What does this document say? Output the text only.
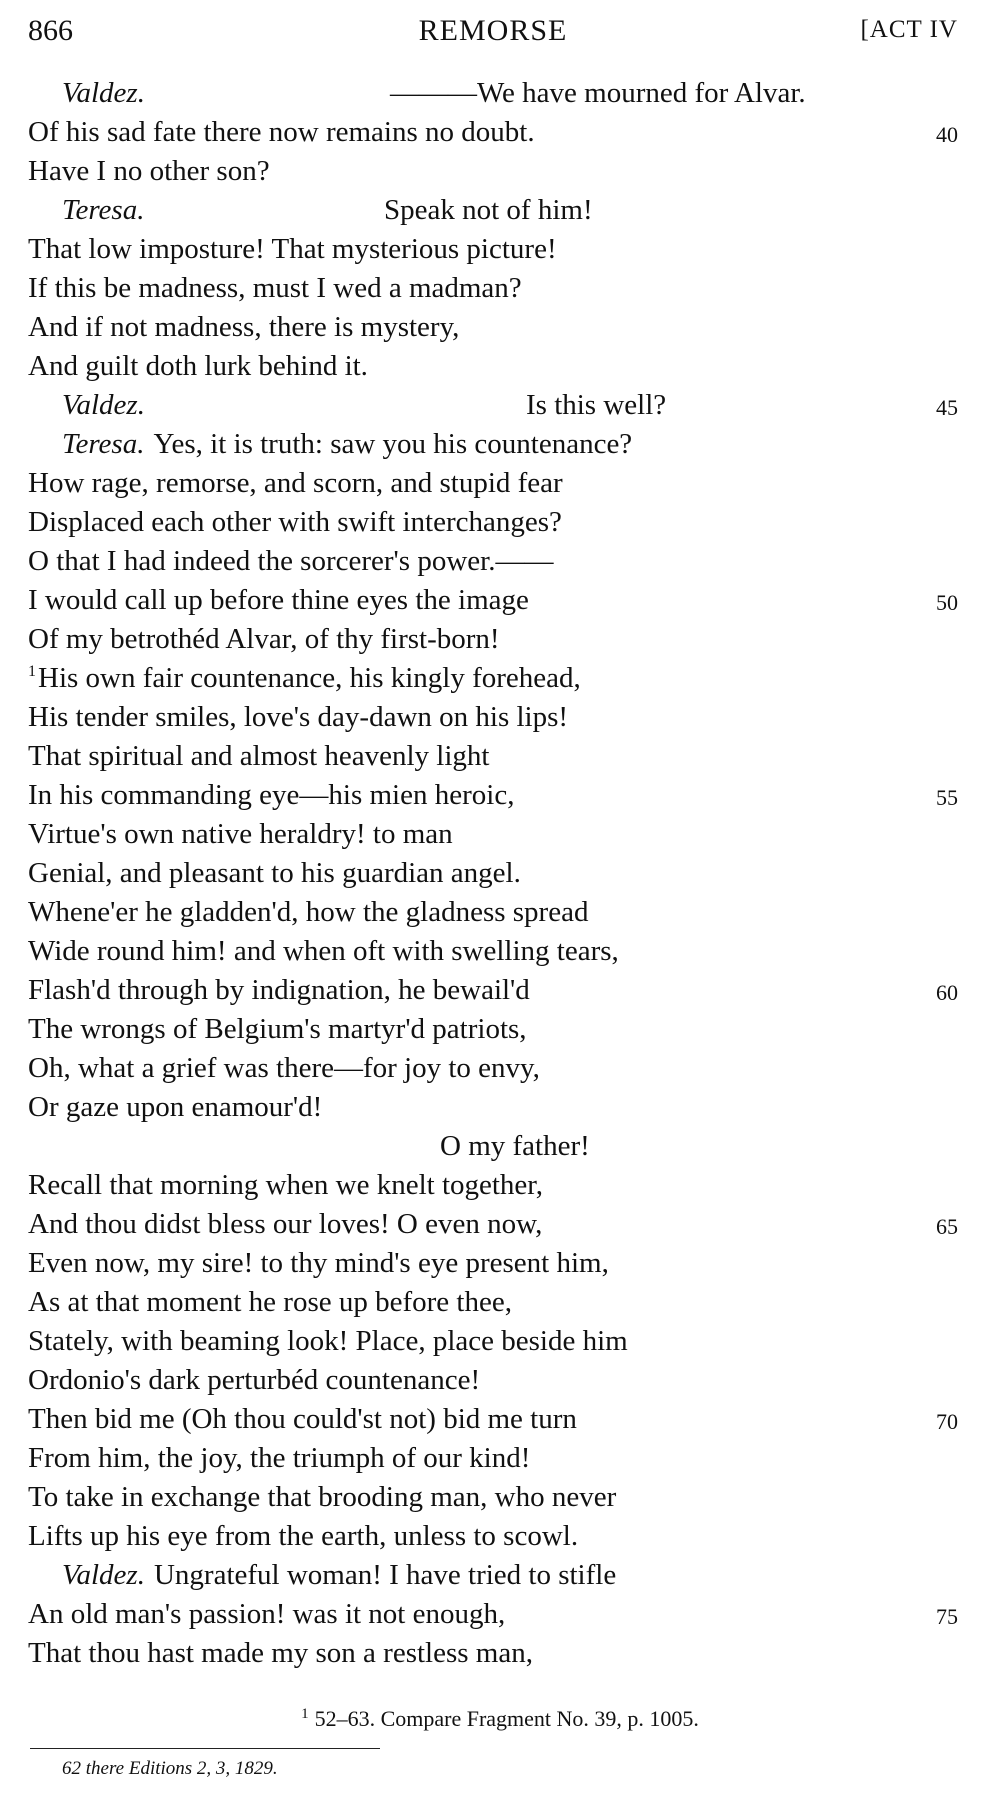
866	REMORSE	[ACT IV
Valdez.	———We have mourned for Alvar.
Of his sad fate there now remains no doubt.	40
Have I no other son?
Teresa.	Speak not of him!
That low imposture! That mysterious picture!
If this be madness, must I wed a madman?
And if not madness, there is mystery,
And guilt doth lurk behind it.
Valdez.	Is this well?	45
Teresa. Yes, it is truth: saw you his countenance?
How rage, remorse, and scorn, and stupid fear
Displaced each other with swift interchanges?
O that I had indeed the sorcerer's power.——
I would call up before thine eyes the image	50
Of my betrothéd Alvar, of thy first-born!
$^1$His own fair countenance, his kingly forehead,
His tender smiles, love's day-dawn on his lips!
That spiritual and almost heavenly light
In his commanding eye—his mien heroic,	55
Virtue's own native heraldry! to man
Genial, and pleasant to his guardian angel.
Whene'er he gladden'd, how the gladness spread
Wide round him! and when oft with swelling tears,
Flash'd through by indignation, he bewail'd	60
The wrongs of Belgium's martyr'd patriots,
Oh, what a grief was there—for joy to envy,
Or gaze upon enamour'd!
O my father!
Recall that morning when we knelt together,
And thou didst bless our loves! O even now,	65
Even now, my sire! to thy mind's eye present him,
As at that moment he rose up before thee,
Stately, with beaming look! Place, place beside him
Ordonio's dark perturbéd countenance!
Then bid me (Oh thou could'st not) bid me turn	70
From him, the joy, the triumph of our kind!
To take in exchange that brooding man, who never
Lifts up his eye from the earth, unless to scowl.
Valdez. Ungrateful woman! I have tried to stifle
An old man's passion! was it not enough,	75
That thou hast made my son a restless man,
$^1$ 52–63. Compare Fragment No. 39, p. 1005.
62 there Editions 2, 3, 1829.
